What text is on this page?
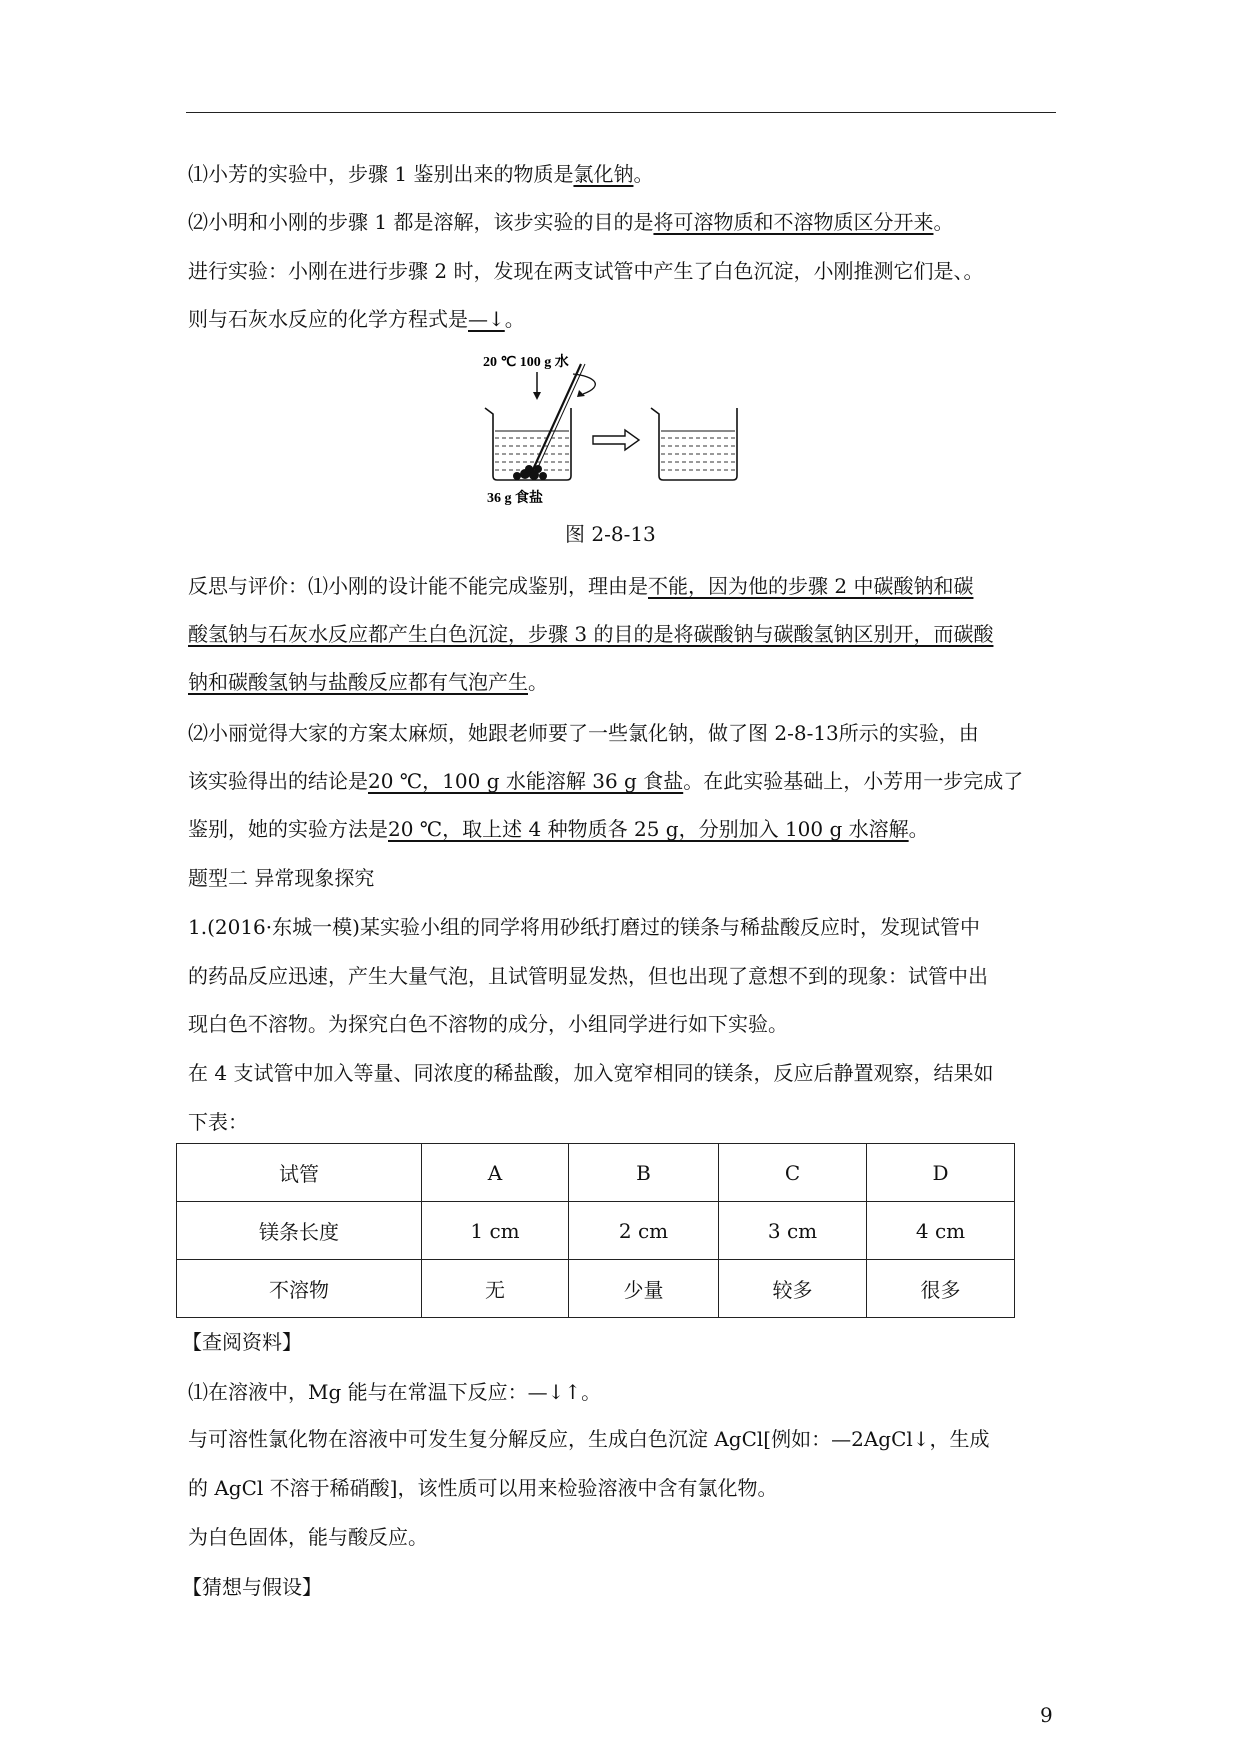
⑴小芳的实验中，步骤 1 鉴别出来的物质是氯化钠。
⑵小明和小刚的步骤 1 都是溶解，该步实验的目的是将可溶物质和不溶物质区分开来。
进行实验：小刚在进行步骤 2 时，发现在两支试管中产生了白色沉淀，小刚推测它们是、。
则与石灰水反应的化学方程式是—↓。
20 ℃ 100 g 水
36 g 食盐
图 2-8-13
反思与评价：⑴小刚的设计能不能完成鉴别，理由是不能，因为他的步骤 2 中碳酸钠和碳
酸氢钠与石灰水反应都产生白色沉淀，步骤 3 的目的是将碳酸钠与碳酸氢钠区别开，而碳酸
钠和碳酸氢钠与盐酸反应都有气泡产生。
⑵小丽觉得大家的方案太麻烦，她跟老师要了一些氯化钠，做了图 2-8-13所示的实验，由
该实验得出的结论是20 ℃，100 g 水能溶解 36 g 食盐。在此实验基础上，小芳用一步完成了
鉴别，她的实验方法是20 ℃，取上述 4 种物质各 25 g，分别加入 100 g 水溶解。
题型二 异常现象探究
1.(2016·东城一模)某实验小组的同学将用砂纸打磨过的镁条与稀盐酸反应时，发现试管中
的药品反应迅速，产生大量气泡，且试管明显发热，但也出现了意想不到的现象：试管中出
现白色不溶物。为探究白色不溶物的成分，小组同学进行如下实验。
在 4 支试管中加入等量、同浓度的稀盐酸，加入宽窄相同的镁条，反应后静置观察，结果如
下表：
试管	A	B	C	D
镁条长度	1 cm	2 cm	3 cm	4 cm
不溶物	无	少量	较多	很多
【查阅资料】
⑴在溶液中，Mg 能与在常温下反应：—↓↑。
与可溶性氯化物在溶液中可发生复分解反应，生成白色沉淀 AgCl[例如：—2AgCl↓，生成
的 AgCl 不溶于稀硝酸]，该性质可以用来检验溶液中含有氯化物。
为白色固体，能与酸反应。
【猜想与假设】
9
